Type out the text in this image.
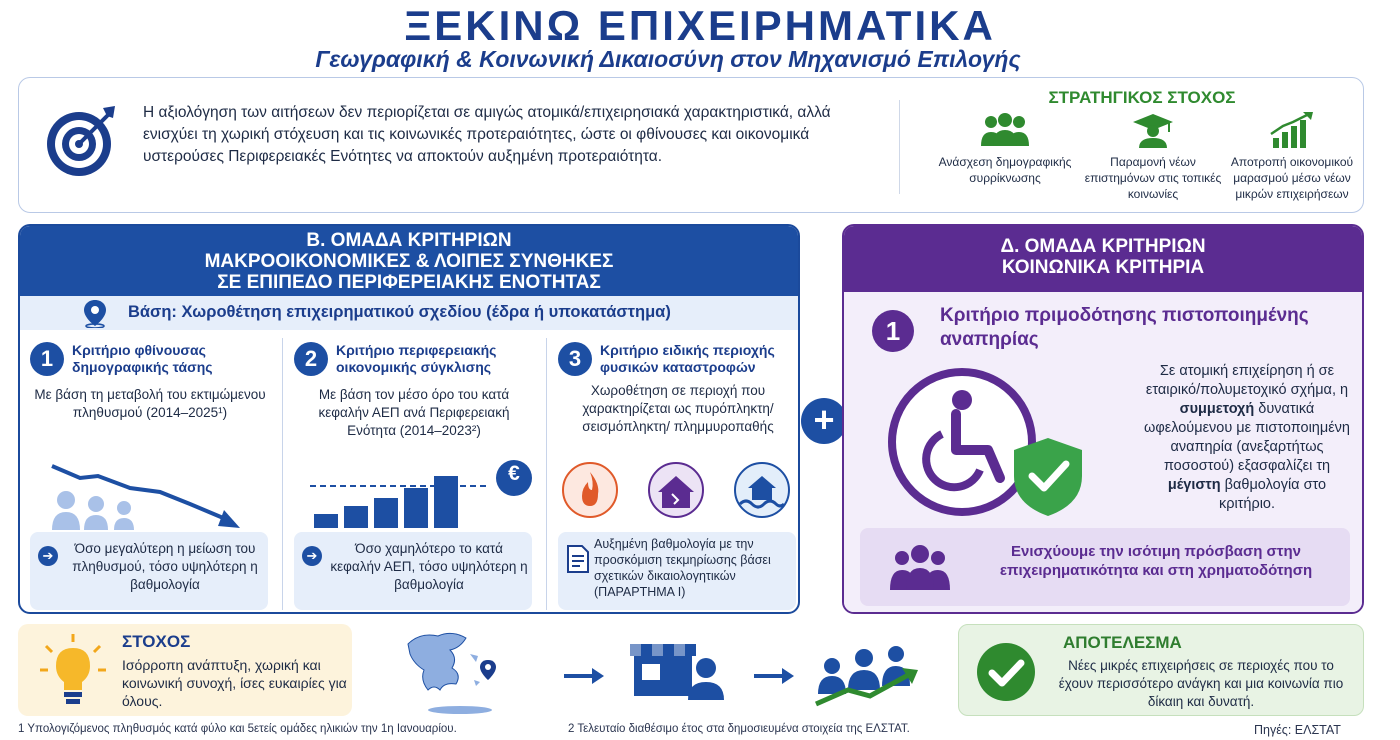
ΞΕΚΙΝΩ ΕΠΙΧΕΙΡΗΜΑΤΙΚΑ
Γεωγραφική & Κοινωνική Δικαιοσύνη στον Μηχανισμό Επιλογής
Η αξιολόγηση των αιτήσεων δεν περιορίζεται σε αμιγώς ατομικά/επιχειρησιακά χαρακτηριστικά, αλλά ενισχύει τη χωρική στόχευση και τις κοινωνικές προτεραιότητες, ώστε οι φθίνουσες και οικονομικά υστερούσες Περιφερειακές Ενότητες να αποκτούν αυξημένη προτεραιότητα.
ΣΤΡΑΤΗΓΙΚΟΣ ΣΤΟΧΟΣ
Ανάσχεση δημογραφικής συρρίκνωσης
Παραμονή νέων επιστημόνων στις τοπικές κοινωνίες
Αποτροπή οικονομικού μαρασμού μέσω νέων μικρών επιχειρήσεων
Β. ΟΜΑΔΑ ΚΡΙΤΗΡΙΩΝ
ΜΑΚΡΟΟΙΚΟΝΟΜΙΚΕΣ & ΛΟΙΠΕΣ ΣΥΝΘΗΚΕΣ
ΣΕ ΕΠΙΠΕΔΟ ΠΕΡΙΦΕΡΕΙΑΚΗΣ ΕΝΟΤΗΤΑΣ
Βάση: Χωροθέτηση επιχειρηματικού σχεδίου (έδρα ή υποκατάστημα)
1	Κριτήριο φθίνουσας δημογραφικής τάσης
Με βάση τη μεταβολή του εκτιμώμενου πληθυσμού (2014–2025¹)
➔	Όσο μεγαλύτερη η μείωση του πληθυσμού, τόσο υψηλότερη η βαθμολογία
2	Κριτήριο περιφερειακής οικονομικής σύγκλισης
Με βάση τον μέσο όρο του κατά κεφαλήν ΑΕΠ ανά Περιφερειακή Ενότητα (2014–2023²)
€
➔	Όσο χαμηλότερο το κατά κεφαλήν ΑΕΠ, τόσο υψηλότερη η βαθμολογία
3	Κριτήριο ειδικής περιοχής φυσικών καταστροφών
Χωροθέτηση σε περιοχή που χαρακτηρίζεται ως πυρόπληκτη/σεισμόπληκτη/ πλημμυροπαθής
Αυξημένη βαθμολογία με την προσκόμιση τεκμηρίωσης βάσει σχετικών δικαιολογητικών (ΠΑΡΑΡΤΗΜΑ Ι)
+
Δ. ΟΜΑΔΑ ΚΡΙΤΗΡΙΩΝ
ΚΟΙΝΩΝΙΚΑ ΚΡΙΤΗΡΙΑ
1
Κριτήριο πριμοδότησης πιστοποιημένης αναπηρίας
Σε ατομική επιχείρηση ή σε εταιρικό/πολυμετοχικό σχήμα, η συμμετοχή δυνατικά ωφελούμενου με πιστοποιημένη αναπηρία (ανεξαρτήτως ποσοστού) εξασφαλίζει τη μέγιστη βαθμολογία στο κριτήριο.
Ενισχύουμε την ισότιμη πρόσβαση στην επιχειρηματικότητα και στη χρηματοδότηση
ΣΤΟΧΟΣ
Ισόρροπη ανάπτυξη, χωρική και κοινωνική συνοχή, ίσες ευκαιρίες για όλους.
ΑΠΟΤΕΛΕΣΜΑ
Νέες μικρές επιχειρήσεις σε περιοχές που το έχουν περισσότερο ανάγκη και μια κοινωνία πιο δίκαιη και δυνατή.
1 Υπολογιζόμενος πληθυσμός κατά φύλο και 5ετείς ομάδες ηλικιών την 1η Ιανουαρίου.	2 Τελευταίο διαθέσιμο έτος στα δημοσιευμένα στοιχεία της ΕΛΣΤΑΤ.	Πηγές: ΕΛΣΤΑΤ
